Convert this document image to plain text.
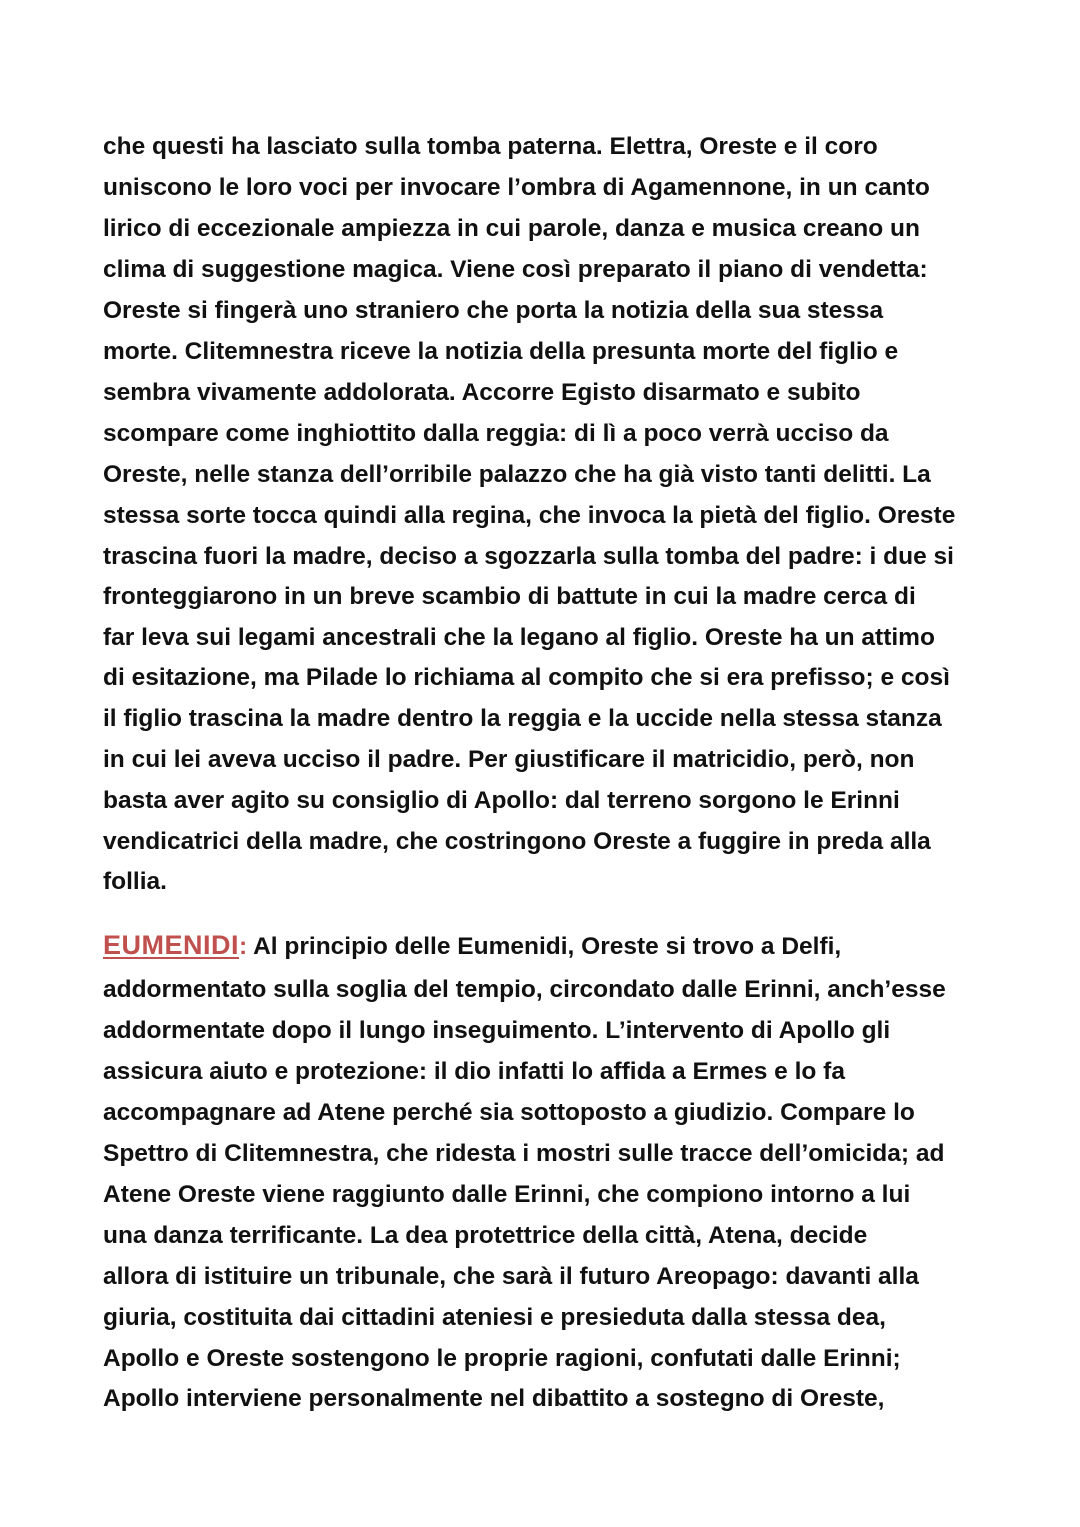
che questi ha lasciato sulla tomba paterna. Elettra, Oreste e il coro
uniscono le loro voci per invocare l’ombra di Agamennone, in un canto
lirico di eccezionale ampiezza in cui parole, danza e musica creano un
clima di suggestione magica. Viene così preparato il piano di vendetta:
Oreste si fingerà uno straniero che porta la notizia della sua stessa
morte. Clitemnestra riceve la notizia della presunta morte del figlio e
sembra vivamente addolorata. Accorre Egisto disarmato e subito
scompare come inghiottito dalla reggia: di lì a poco verrà ucciso da
Oreste, nelle stanza dell’orribile palazzo che ha già visto tanti delitti. La
stessa sorte tocca quindi alla regina, che invoca la pietà del figlio. Oreste
trascina fuori la madre, deciso a sgozzarla sulla tomba del padre: i due si
fronteggiarono in un breve scambio di battute in cui la madre cerca di
far leva sui legami ancestrali che la legano al figlio. Oreste ha un attimo
di esitazione, ma Pilade lo richiama al compito che si era prefisso; e così
il figlio trascina la madre dentro la reggia e la uccide nella stessa stanza
in cui lei aveva ucciso il padre. Per giustificare il matricidio, però, non
basta aver agito su consiglio di Apollo: dal terreno sorgono le Erinni
vendicatrici della madre, che costringono Oreste a fuggire in preda alla
follia.
EUMENIDI: Al principio delle Eumenidi, Oreste si trovo a Delfi,
addormentato sulla soglia del tempio, circondato dalle Erinni, anch’esse
addormentate dopo il lungo inseguimento. L’intervento di Apollo gli
assicura aiuto e protezione: il dio infatti lo affida a Ermes e lo fa
accompagnare ad Atene perché sia sottoposto a giudizio. Compare lo
Spettro di Clitemnestra, che ridesta i mostri sulle tracce dell’omicida; ad
Atene Oreste viene raggiunto dalle Erinni, che compiono intorno a lui
una danza terrificante. La dea protettrice della città, Atena, decide
allora di istituire un tribunale, che sarà il futuro Areopago: davanti alla
giuria, costituita dai cittadini ateniesi e presieduta dalla stessa dea,
Apollo e Oreste sostengono le proprie ragioni, confutati dalle Erinni;
Apollo interviene personalmente nel dibattito a sostegno di Oreste,
